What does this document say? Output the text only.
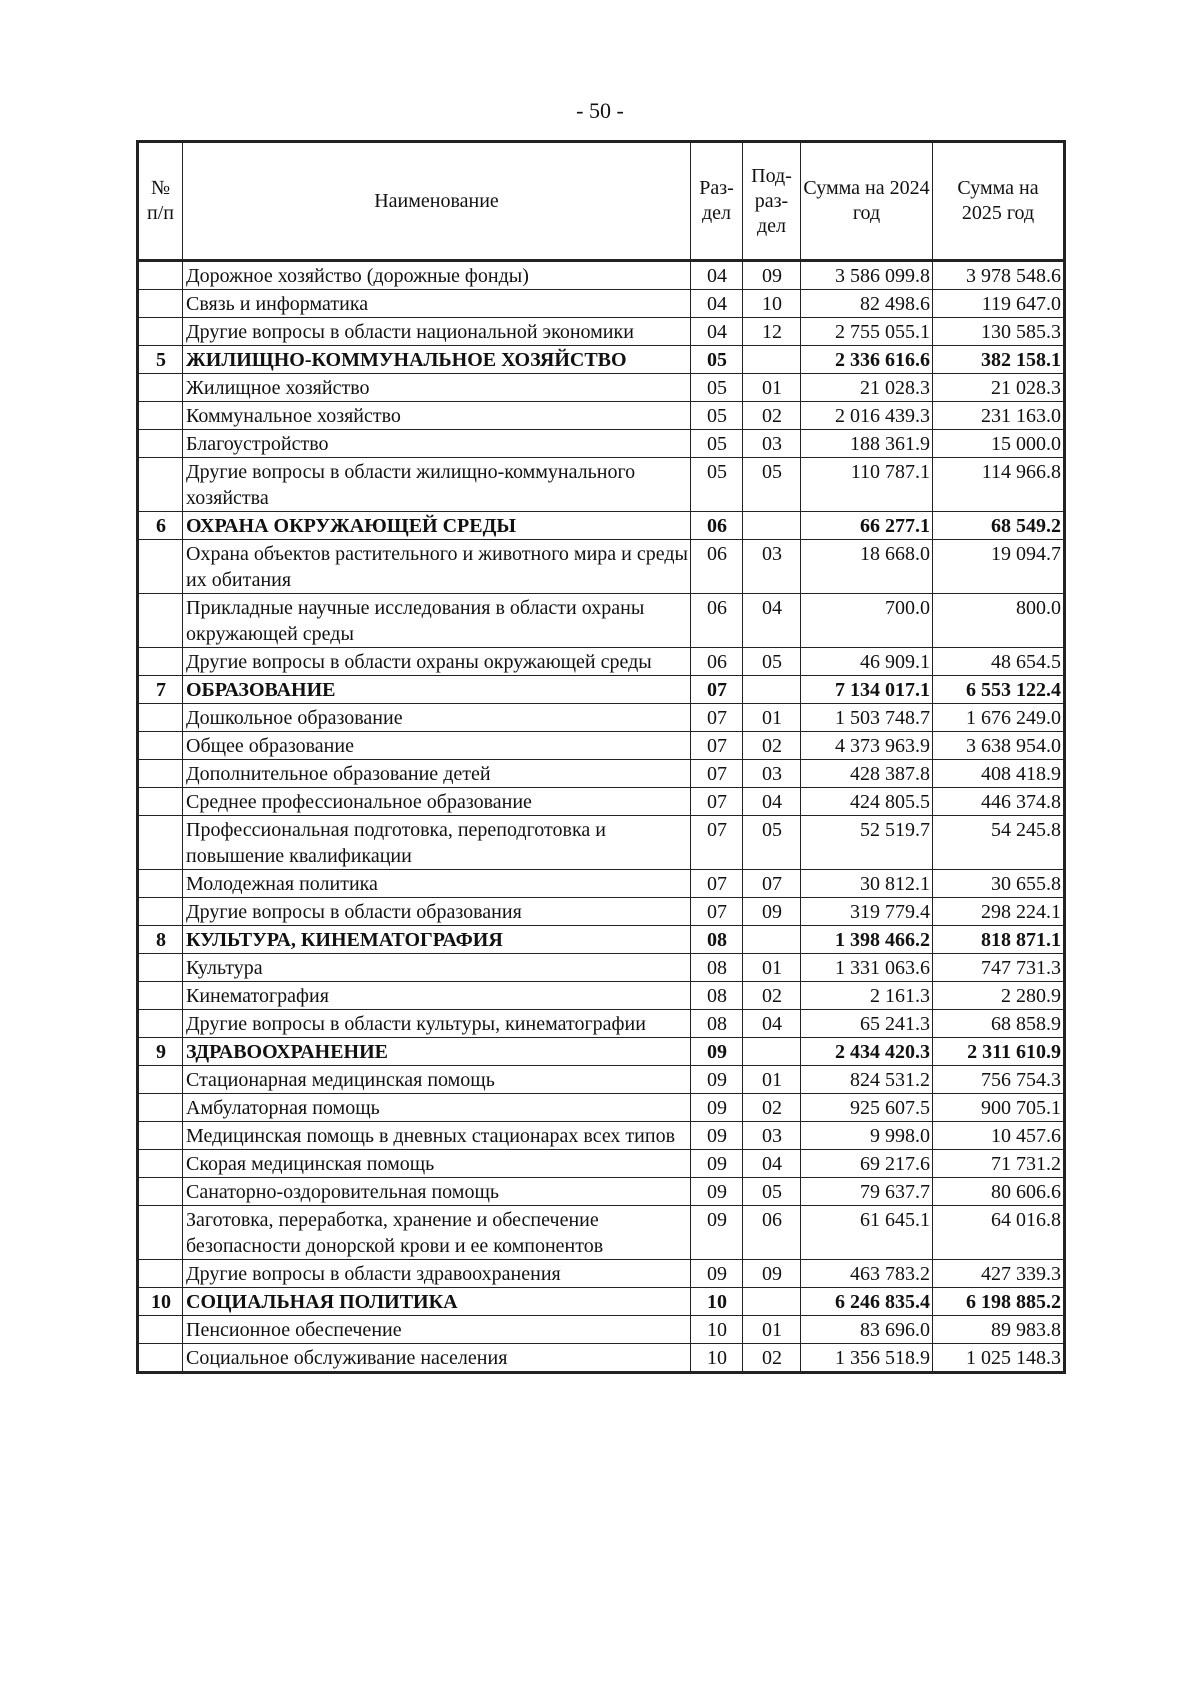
- 50 -
№ п/п	Наименование	Раз-дел	Под-раз-дел	Сумма на 2024 год	Сумма на 2025 год
	Дорожное хозяйство (дорожные фонды)	04	09	3 586 099.8	3 978 548.6
	Связь и информатика	04	10	82 498.6	119 647.0
	Другие вопросы в области национальной экономики	04	12	2 755 055.1	130 585.3
5	ЖИЛИЩНО-КОММУНАЛЬНОЕ ХОЗЯЙСТВО	05		2 336 616.6	382 158.1
	Жилищное хозяйство	05	01	21 028.3	21 028.3
	Коммунальное хозяйство	05	02	2 016 439.3	231 163.0
	Благоустройство	05	03	188 361.9	15 000.0
	Другие вопросы в области жилищно-коммунального хозяйства	05	05	110 787.1	114 966.8
6	ОХРАНА ОКРУЖАЮЩЕЙ СРЕДЫ	06		66 277.1	68 549.2
	Охрана объектов растительного и животного мира и среды их обитания	06	03	18 668.0	19 094.7
	Прикладные научные исследования в области охраны окружающей среды	06	04	700.0	800.0
	Другие вопросы в области охраны окружающей среды	06	05	46 909.1	48 654.5
7	ОБРАЗОВАНИЕ	07		7 134 017.1	6 553 122.4
	Дошкольное образование	07	01	1 503 748.7	1 676 249.0
	Общее образование	07	02	4 373 963.9	3 638 954.0
	Дополнительное образование детей	07	03	428 387.8	408 418.9
	Среднее профессиональное образование	07	04	424 805.5	446 374.8
	Профессиональная подготовка, переподготовка и повышение квалификации	07	05	52 519.7	54 245.8
	Молодежная политика	07	07	30 812.1	30 655.8
	Другие вопросы в области образования	07	09	319 779.4	298 224.1
8	КУЛЬТУРА, КИНЕМАТОГРАФИЯ	08		1 398 466.2	818 871.1
	Культура	08	01	1 331 063.6	747 731.3
	Кинематография	08	02	2 161.3	2 280.9
	Другие вопросы в области культуры, кинематографии	08	04	65 241.3	68 858.9
9	ЗДРАВООХРАНЕНИЕ	09		2 434 420.3	2 311 610.9
	Стационарная медицинская помощь	09	01	824 531.2	756 754.3
	Амбулаторная помощь	09	02	925 607.5	900 705.1
	Медицинская помощь в дневных стационарах всех типов	09	03	9 998.0	10 457.6
	Скорая медицинская помощь	09	04	69 217.6	71 731.2
	Санаторно-оздоровительная помощь	09	05	79 637.7	80 606.6
	Заготовка, переработка, хранение и обеспечение безопасности донорской крови и ее компонентов	09	06	61 645.1	64 016.8
	Другие вопросы в области здравоохранения	09	09	463 783.2	427 339.3
10	СОЦИАЛЬНАЯ ПОЛИТИКА	10		6 246 835.4	6 198 885.2
	Пенсионное обеспечение	10	01	83 696.0	89 983.8
	Социальное обслуживание населения	10	02	1 356 518.9	1 025 148.3
